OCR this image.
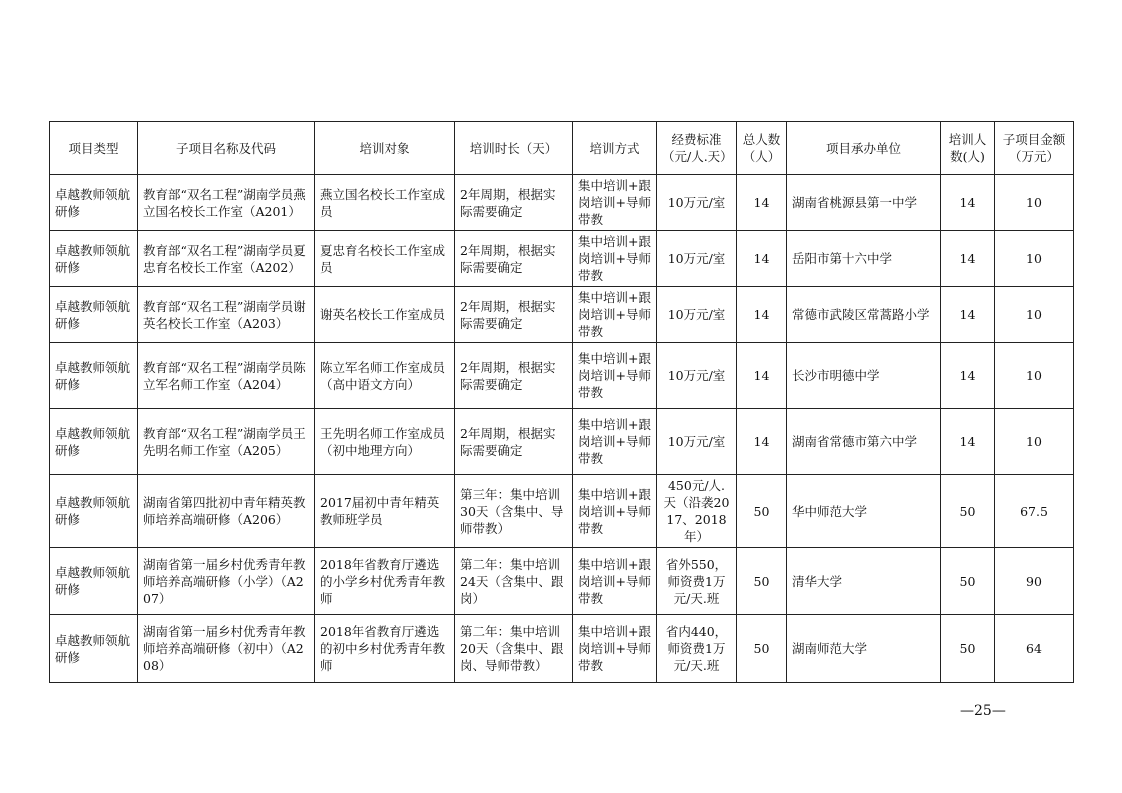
项目类型	子项目名称及代码	培训对象	培训时长（天）	培训方式	经费标准（元/人.天）	总人数（人）	项目承办单位	培训人数(人)	子项目金额（万元）
卓越教师领航研修	教育部“双名工程”湖南学员燕立国名校长工作室（A201）	燕立国名校长工作室成员	2年周期，根据实际需要确定	集中培训+跟岗培训+导师带教	10万元/室	14	湖南省桃源县第一中学	14	10
卓越教师领航研修	教育部“双名工程”湖南学员夏忠育名校长工作室（A202）	夏忠育名校长工作室成员	2年周期，根据实际需要确定	集中培训+跟岗培训+导师带教	10万元/室	14	岳阳市第十六中学	14	10
卓越教师领航研修	教育部“双名工程”湖南学员谢英名校长工作室（A203）	谢英名校长工作室成员	2年周期，根据实际需要确定	集中培训+跟岗培训+导师带教	10万元/室	14	常德市武陵区常蒿路小学	14	10
卓越教师领航研修	教育部“双名工程”湖南学员陈立军名师工作室（A204）	陈立军名师工作室成员（高中语文方向）	2年周期，根据实际需要确定	集中培训+跟岗培训+导师带教	10万元/室	14	长沙市明德中学	14	10
卓越教师领航研修	教育部“双名工程”湖南学员王先明名师工作室（A205）	王先明名师工作室成员（初中地理方向）	2年周期，根据实际需要确定	集中培训+跟岗培训+导师带教	10万元/室	14	湖南省常德市第六中学	14	10
卓越教师领航研修	湖南省第四批初中青年精英教师培养高端研修（A206）	2017届初中青年精英教师班学员	第三年：集中培训30天（含集中、导师带教）	集中培训+跟岗培训+导师带教	450元/人.天（沿袭2017、2018年）	50	华中师范大学	50	67.5
卓越教师领航研修	湖南省第一届乡村优秀青年教师培养高端研修（小学）（A207）	2018年省教育厅遴选的小学乡村优秀青年教师	第二年：集中培训24天（含集中、跟岗）	集中培训+跟岗培训+导师带教	省外550，师资费1万元/天.班	50	清华大学	50	90
卓越教师领航研修	湖南省第一届乡村优秀青年教师培养高端研修（初中）（A208）	2018年省教育厅遴选的初中乡村优秀青年教师	第二年：集中培训20天（含集中、跟岗、导师带教）	集中培训+跟岗培训+导师带教	省内440，师资费1万元/天.班	50	湖南师范大学	50	64
—25—
